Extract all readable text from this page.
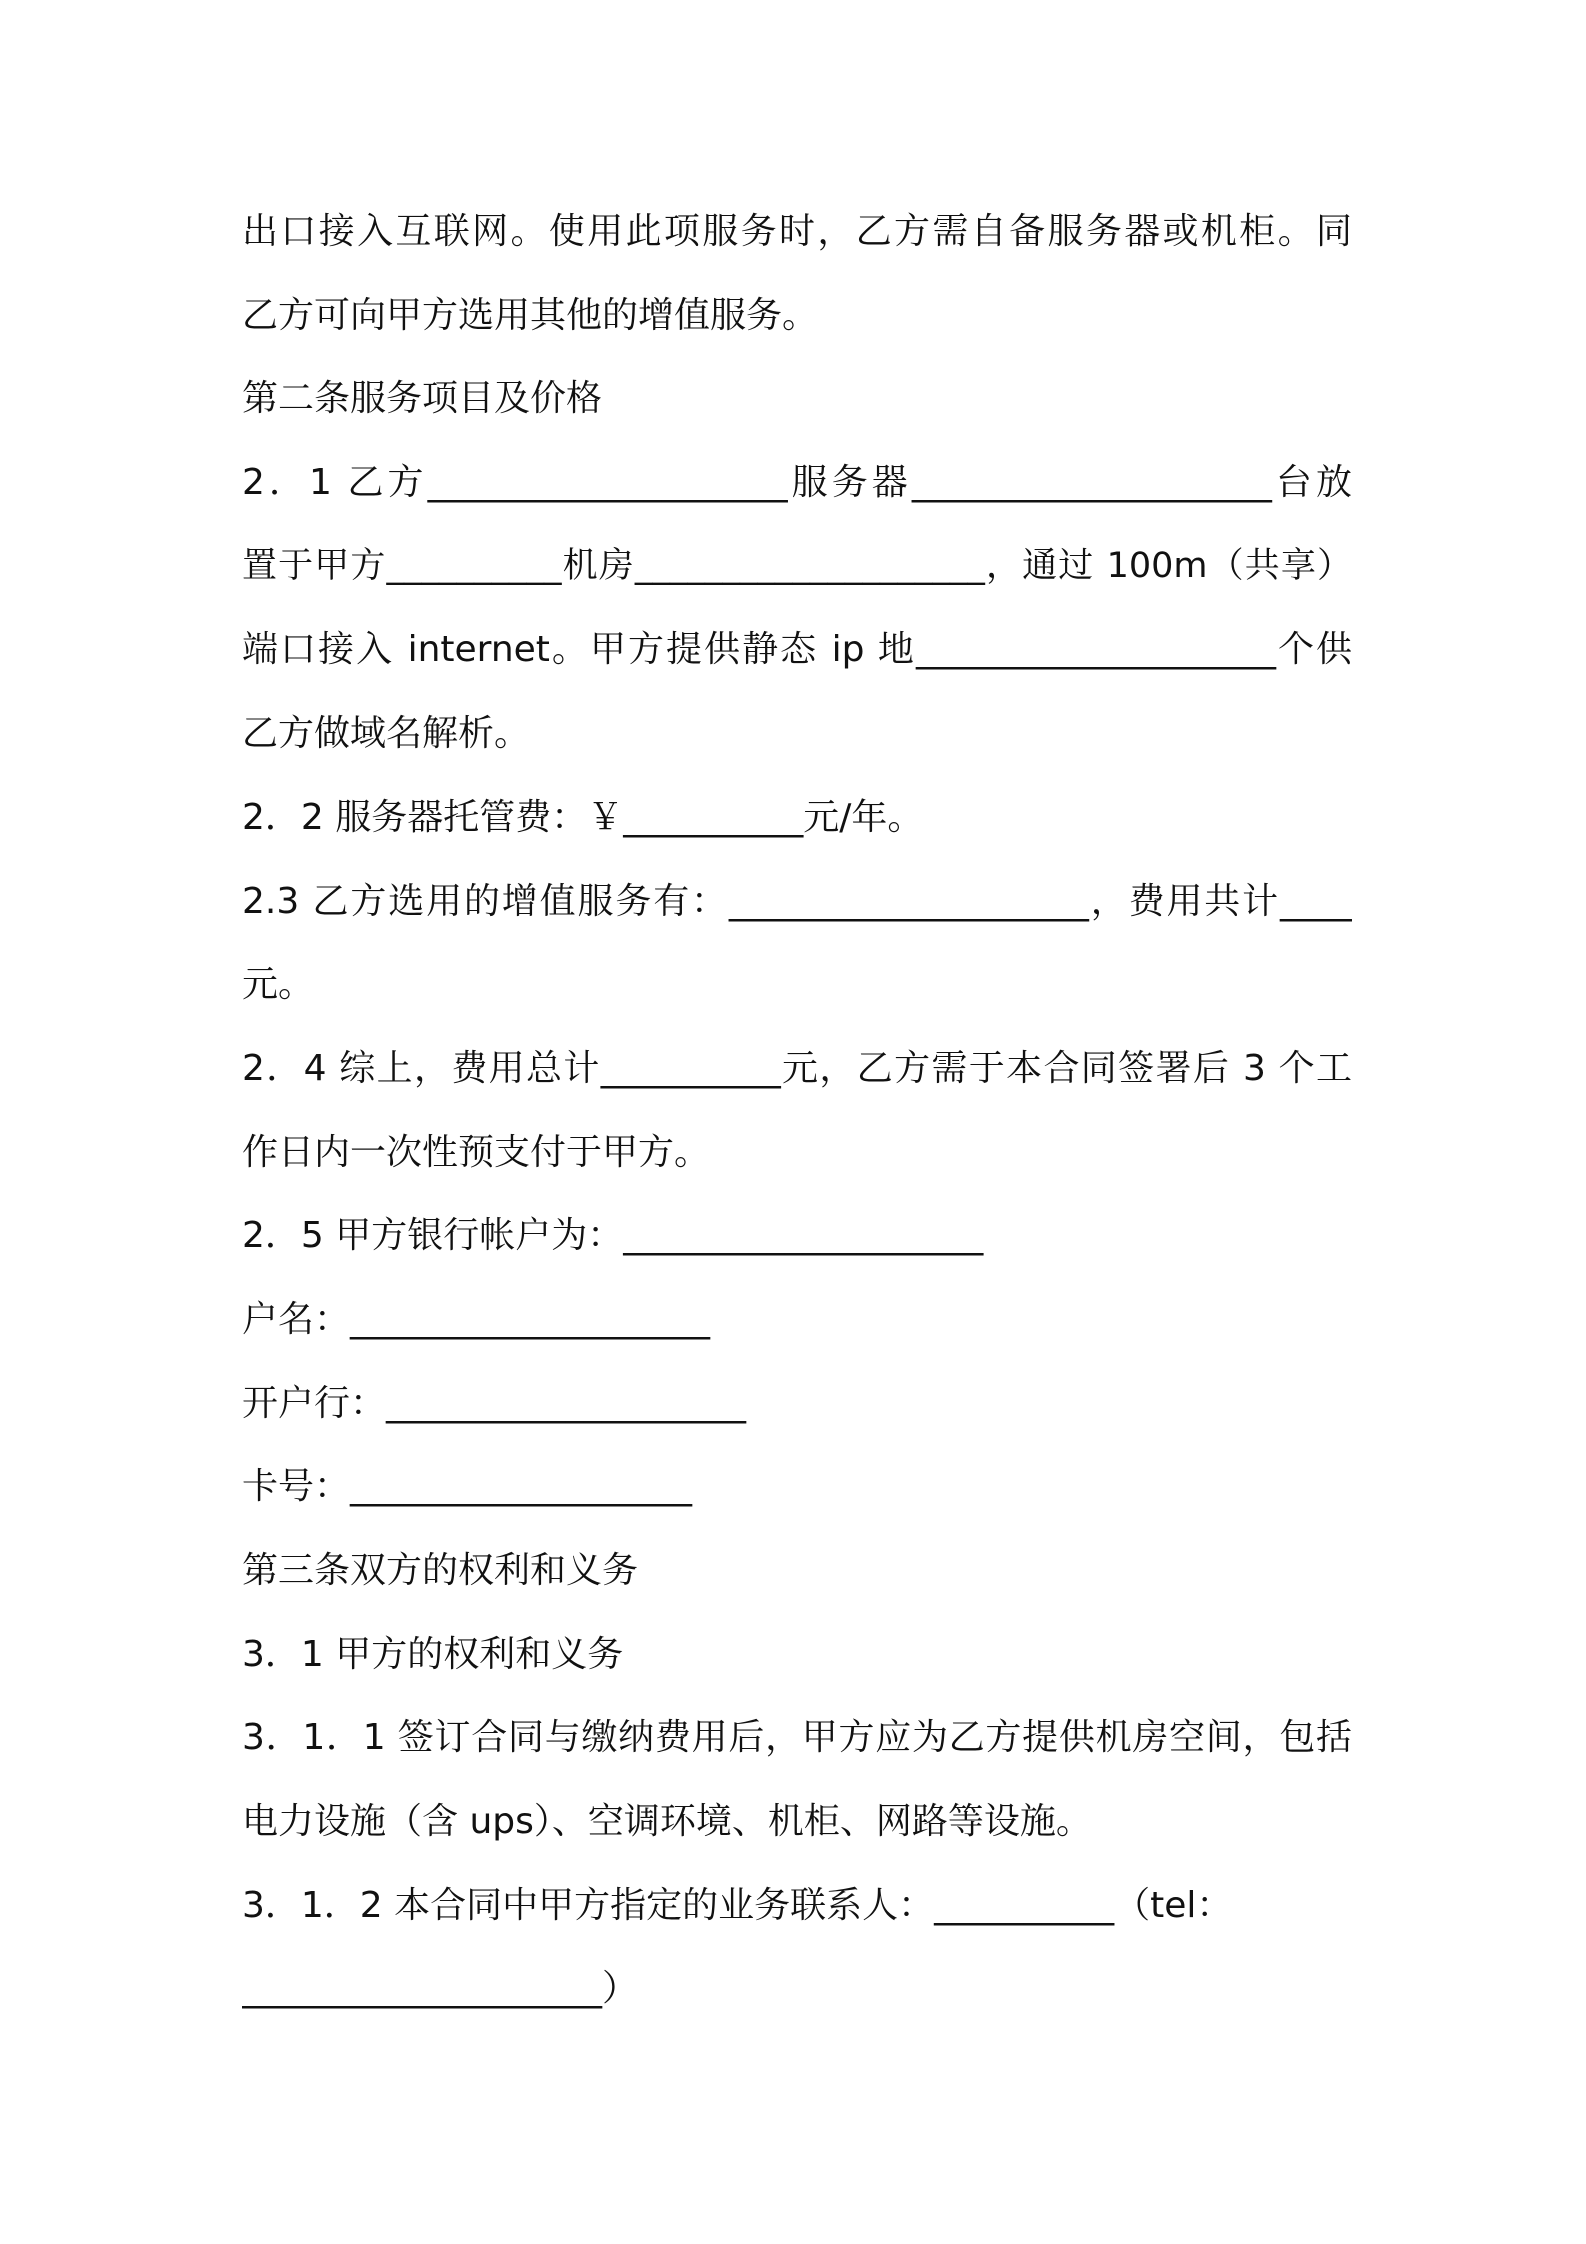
出口接入互联网。使用此项服务时，乙方需自备服务器或机柜。同
乙方可向甲方选用其他的增值服务。
第二条服务项目及价格
2．1 乙方____________________服务器____________________台放
置于甲方__________机房____________________，通过 100m（共享）
端口接入 internet。甲方提供静态 ip 地____________________个供
乙方做域名解析。
2．2 服务器托管费：￥__________元/年。
2.3 乙方选用的增值服务有：____________________，费用共计____
元。
2．4 综上，费用总计__________元，乙方需于本合同签署后 3 个工
作日内一次性预支付于甲方。
2．5 甲方银行帐户为：____________________
户名：____________________
开户行：____________________
卡号：___________________
第三条双方的权利和义务
3．1 甲方的权利和义务
3．1．1 签订合同与缴纳费用后，甲方应为乙方提供机房空间，包括
电力设施（含 ups）、空调环境、机柜、网路等设施。
3．1．2 本合同中甲方指定的业务联系人：__________（tel：
____________________）
